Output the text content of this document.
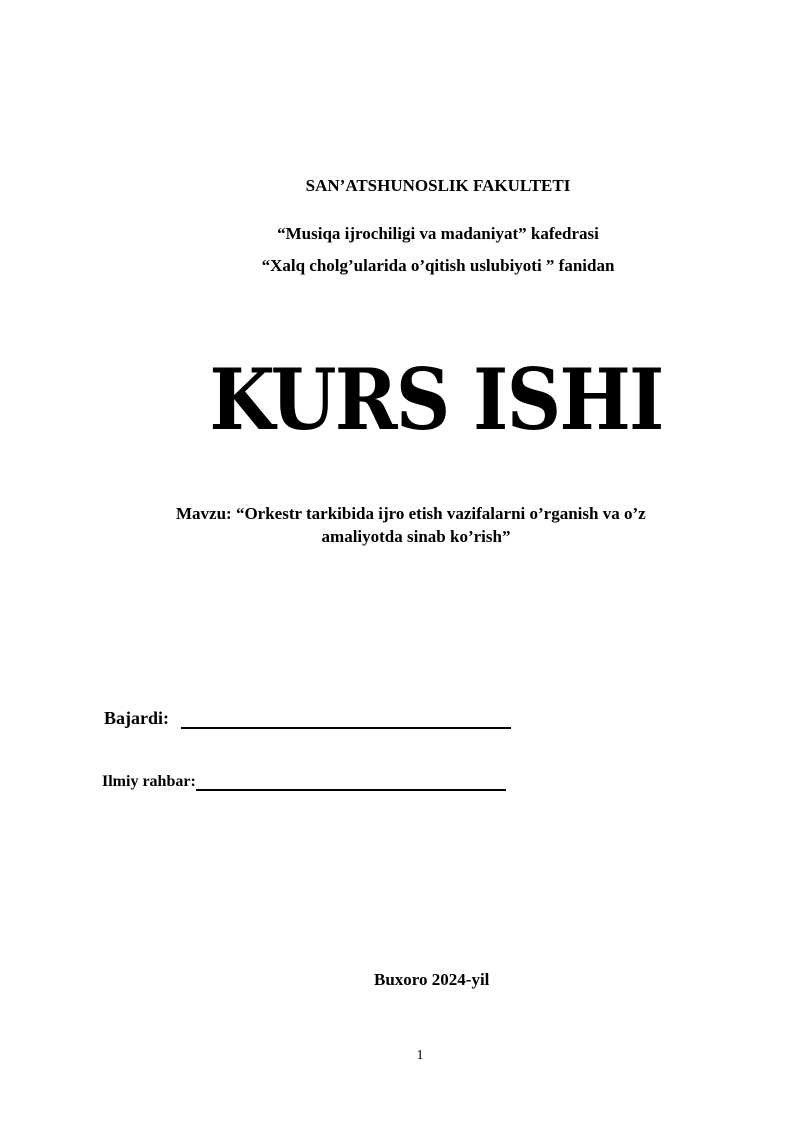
SAN’ATSHUNOSLIK FAKULTETI
“Musiqa ijrochiligi va madaniyat” kafedrasi
“Xalq cholg’ularida o’qitish uslubiyoti ” fanidan
KURS ISHI
Mavzu: “Orkestr tarkibida ijro etish vazifalarni o’rganish va o’z
amaliyotda sinab ko’rish”
Bajardi:
Ilmiy rahbar:
Buxoro 2024-yil
1
